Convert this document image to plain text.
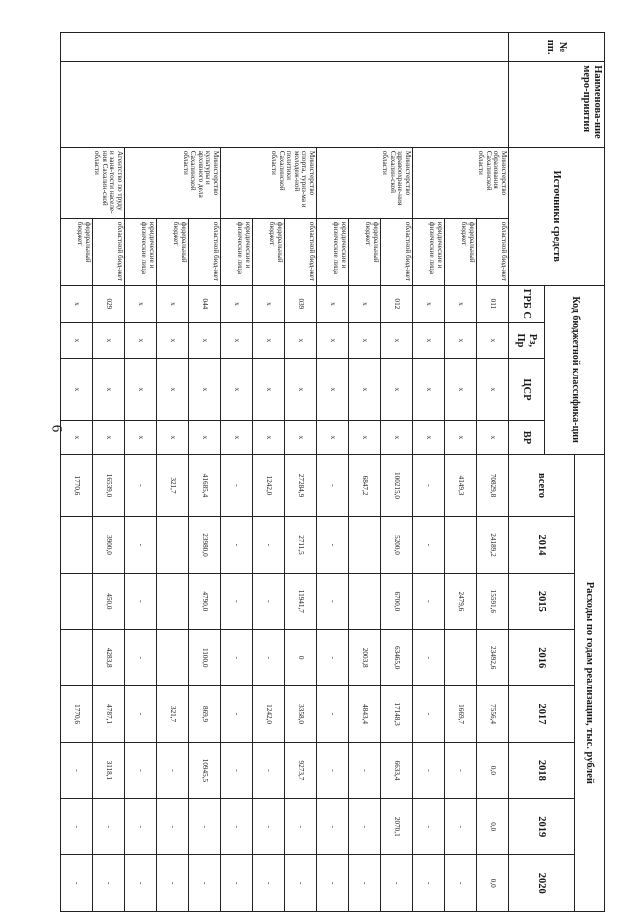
6
№ пп.	Наименова-ние меро-приятия	Источники средств		Код бюджетной классифика-ции				Расходы по годам реализации, тыс. рублей							
								всего	2014	2015	2016	2017	2018	2019	2020
				ГРБ С	Рз, Пр	ЦСР	ВР								
		Министерство образования Сахалинской области	областной бюд-жет	011	х	х	х	70829,8	24189,2	15591,6	23492,6	7556,4	0,0	0,0	0,0
			федеральный бюджет	х	х	х	х	4149,3		2479,6		1669,7	-	-	-
			юридические и физические лица	х	х	х	х	-	-	-	-	-	-	-	-
		Министерство здравоохране-ния Сахалин-ской области	областной бюд-жет	012	х	х	х	100215,0	5200,0	6700,0	63465,0	17148,3	6633,4	2070,1	-
			федеральный бюджет	х	х	х	х	6847,2			2003,8	4843,4	-	-	-
			юридические и физические лица	х	х	х	х	-	-	-	-	-	-	-	-
		Министерство спорта, туриз-ма и молодеж-ной политики Сахалинской области	областной бюд-жет	039	х	х	х	27284,9	2711,5	11941,7	0	3358,0	9273,7	-	-
			федеральный бюджет	х	х	х	х	1242,0	-	-	-	1242,0	-	-	-
			юридические и физические лица	х	х	х	х	-	-	-	-	-	-	-	-
		Министерство культуры и архивного дела Сахалинской области	областной бюд-жет	044	х	х	х	41685,4	23980,0	4790,0	1100,0	869,9	10945,5	-	-
			федеральный бюджет	х	х	х	х	321,7				321,7	-	-	-
			юридические и физические лица	х	х	х	х	-	-	-	-	-	-	-	-
		Агентство по труду и заня-тости населе-ния Сахалин-ской области	областной бюд-жет	029	х	х	х	16539,0	3900,0	450,0	4283,8	4787,1	3118,1	-	-
			федеральный бюджет	х	х	х	х	1770,6				1770,6	-	-	-
